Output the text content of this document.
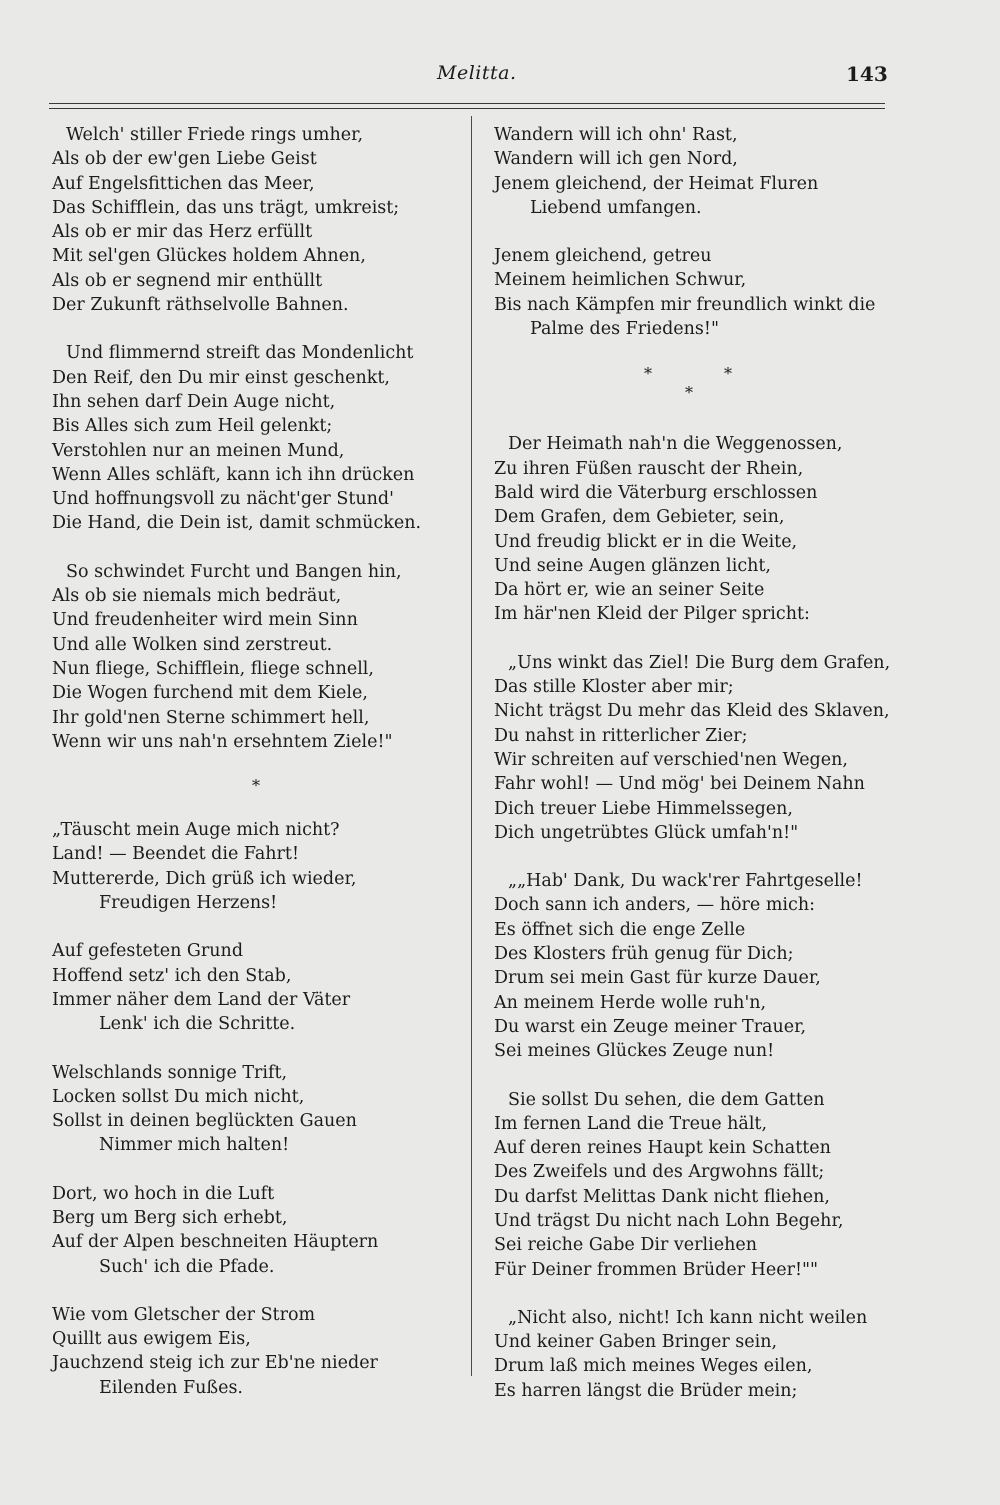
Melitta.	143
Welch' stiller Friede rings umher,
Als ob der ew'gen Liebe Geist
Auf Engelsfittichen das Meer,
Das Schifflein, das uns trägt, umkreist;
Als ob er mir das Herz erfüllt
Mit sel'gen Glückes holdem Ahnen,
Als ob er segnend mir enthüllt
Der Zukunft räthselvolle Bahnen.
Und flimmernd streift das Mondenlicht
Den Reif, den Du mir einst geschenkt,
Ihn sehen darf Dein Auge nicht,
Bis Alles sich zum Heil gelenkt;
Verstohlen nur an meinen Mund,
Wenn Alles schläft, kann ich ihn drücken
Und hoffnungsvoll zu nächt'ger Stund'
Die Hand, die Dein ist, damit schmücken.
So schwindet Furcht und Bangen hin,
Als ob sie niemals mich bedräut,
Und freudenheiter wird mein Sinn
Und alle Wolken sind zerstreut.
Nun fliege, Schifflein, fliege schnell,
Die Wogen furchend mit dem Kiele,
Ihr gold'nen Sterne schimmert hell,
Wenn wir uns nah'n ersehntem Ziele!"
*
„Täuscht mein Auge mich nicht?
Land! — Beendet die Fahrt!
Muttererde, Dich grüß ich wieder,
Freudigen Herzens!
Auf gefesteten Grund
Hoffend setz' ich den Stab,
Immer näher dem Land der Väter
Lenk' ich die Schritte.
Welschlands sonnige Trift,
Locken sollst Du mich nicht,
Sollst in deinen beglückten Gauen
Nimmer mich halten!
Dort, wo hoch in die Luft
Berg um Berg sich erhebt,
Auf der Alpen beschneiten Häuptern
Such' ich die Pfade.
Wie vom Gletscher der Strom
Quillt aus ewigem Eis,
Jauchzend steig ich zur Eb'ne nieder
Eilenden Fußes.
Wandern will ich ohn' Rast,
Wandern will ich gen Nord,
Jenem gleichend, der Heimat Fluren
Liebend umfangen.
Jenem gleichend, getreu
Meinem heimlichen Schwur,
Bis nach Kämpfen mir freundlich winkt die
Palme des Friedens!"
*	*
*
Der Heimath nah'n die Weggenossen,
Zu ihren Füßen rauscht der Rhein,
Bald wird die Väterburg erschlossen
Dem Grafen, dem Gebieter, sein,
Und freudig blickt er in die Weite,
Und seine Augen glänzen licht,
Da hört er, wie an seiner Seite
Im här'nen Kleid der Pilger spricht:
„Uns winkt das Ziel! Die Burg dem Grafen,
Das stille Kloster aber mir;
Nicht trägst Du mehr das Kleid des Sklaven,
Du nahst in ritterlicher Zier;
Wir schreiten auf verschied'nen Wegen,
Fahr wohl! — Und mög' bei Deinem Nahn
Dich treuer Liebe Himmelssegen,
Dich ungetrübtes Glück umfah'n!"
„„Hab' Dank, Du wack'rer Fahrtgeselle!
Doch sann ich anders, — höre mich:
Es öffnet sich die enge Zelle
Des Klosters früh genug für Dich;
Drum sei mein Gast für kurze Dauer,
An meinem Herde wolle ruh'n,
Du warst ein Zeuge meiner Trauer,
Sei meines Glückes Zeuge nun!
Sie sollst Du sehen, die dem Gatten
Im fernen Land die Treue hält,
Auf deren reines Haupt kein Schatten
Des Zweifels und des Argwohns fällt;
Du darfst Melittas Dank nicht fliehen,
Und trägst Du nicht nach Lohn Begehr,
Sei reiche Gabe Dir verliehen
Für Deiner frommen Brüder Heer!""
„Nicht also, nicht! Ich kann nicht weilen
Und keiner Gaben Bringer sein,
Drum laß mich meines Weges eilen,
Es harren längst die Brüder mein;
